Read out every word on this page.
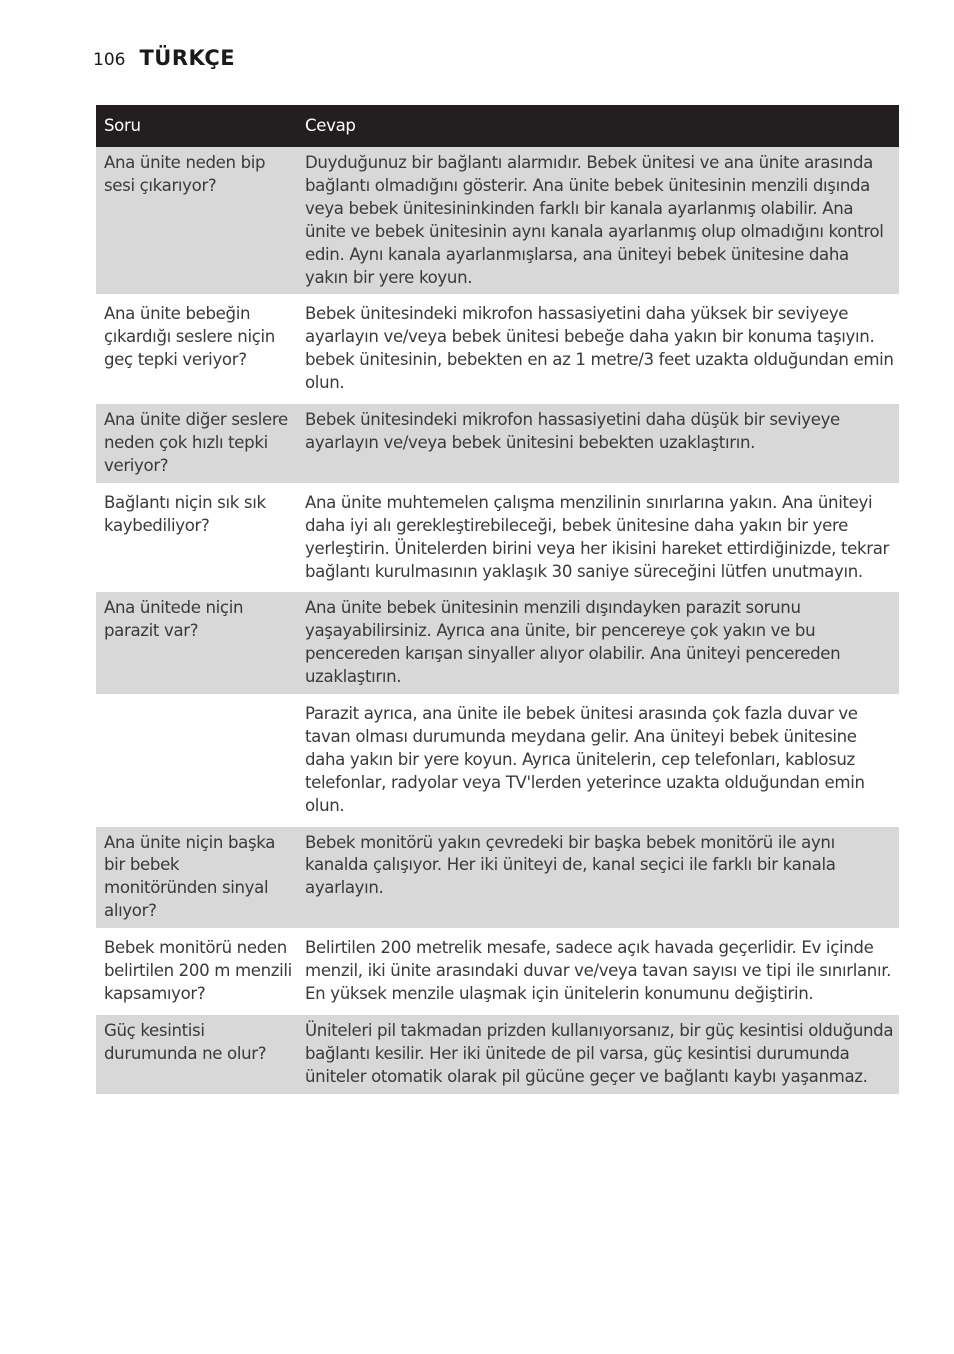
106 TÜRKÇE
Soru	Cevap
Ana ünite neden bip sesi çıkarıyor?	Duyduğunuz bir bağlantı alarmıdır. Bebek ünitesi ve ana ünite arasında bağlantı olmadığını gösterir. Ana ünite bebek ünitesinin menzili dışında veya bebek ünitesininkinden farklı bir kanala ayarlanmış olabilir. Ana ünite ve bebek ünitesinin aynı kanala ayarlanmış olup olmadığını kontrol edin. Aynı kanala ayarlanmışlarsa, ana üniteyi bebek ünitesine daha yakın bir yere koyun.
Ana ünite bebeğin çıkardığı seslere niçin geç tepki veriyor?	Bebek ünitesindeki mikrofon hassasiyetini daha yüksek bir seviyeye ayarlayın ve/veya bebek ünitesi bebeğe daha yakın bir konuma taşıyın. bebek ünitesinin, bebekten en az 1 metre/3 feet uzakta olduğundan emin olun.
Ana ünite diğer seslere neden çok hızlı tepki veriyor?	Bebek ünitesindeki mikrofon hassasiyetini daha düşük bir seviyeye ayarlayın ve/veya bebek ünitesini bebekten uzaklaştırın.
Bağlantı niçin sık sık kaybediliyor?	Ana ünite muhtemelen çalışma menzilinin sınırlarına yakın. Ana üniteyi daha iyi alı gerekleştirebileceği, bebek ünitesine daha yakın bir yere yerleştirin. Ünitelerden birini veya her ikisini hareket ettirdiğinizde, tekrar bağlantı kurulmasının yaklaşık 30 saniye süreceğini lütfen unutmayın.
Ana ünitede niçin parazit var?	Ana ünite bebek ünitesinin menzili dışındayken parazit sorunu yaşayabilirsiniz. Ayrıca ana ünite, bir pencereye çok yakın ve bu pencereden karışan sinyaller alıyor olabilir. Ana üniteyi pencereden uzaklaştırın.
	Parazit ayrıca, ana ünite ile bebek ünitesi arasında çok fazla duvar ve tavan olması durumunda meydana gelir. Ana üniteyi bebek ünitesine daha yakın bir yere koyun. Ayrıca ünitelerin, cep telefonları, kablosuz telefonlar, radyolar veya TV'lerden yeterince uzakta olduğundan emin olun.
Ana ünite niçin başka bir bebek monitöründen sinyal alıyor?	Bebek monitörü yakın çevredeki bir başka bebek monitörü ile aynı kanalda çalışıyor. Her iki üniteyi de, kanal seçici ile farklı bir kanala ayarlayın.
Bebek monitörü neden belirtilen 200 m menzili kapsamıyor?	Belirtilen 200 metrelik mesafe, sadece açık havada geçerlidir. Ev içinde menzil, iki ünite arasındaki duvar ve/veya tavan sayısı ve tipi ile sınırlanır. En yüksek menzile ulaşmak için ünitelerin konumunu değiştirin.
Güç kesintisi durumunda ne olur?	Üniteleri pil takmadan prizden kullanıyorsanız, bir güç kesintisi olduğunda bağlantı kesilir. Her iki ünitede de pil varsa, güç kesintisi durumunda üniteler otomatik olarak pil gücüne geçer ve bağlantı kaybı yaşanmaz.
